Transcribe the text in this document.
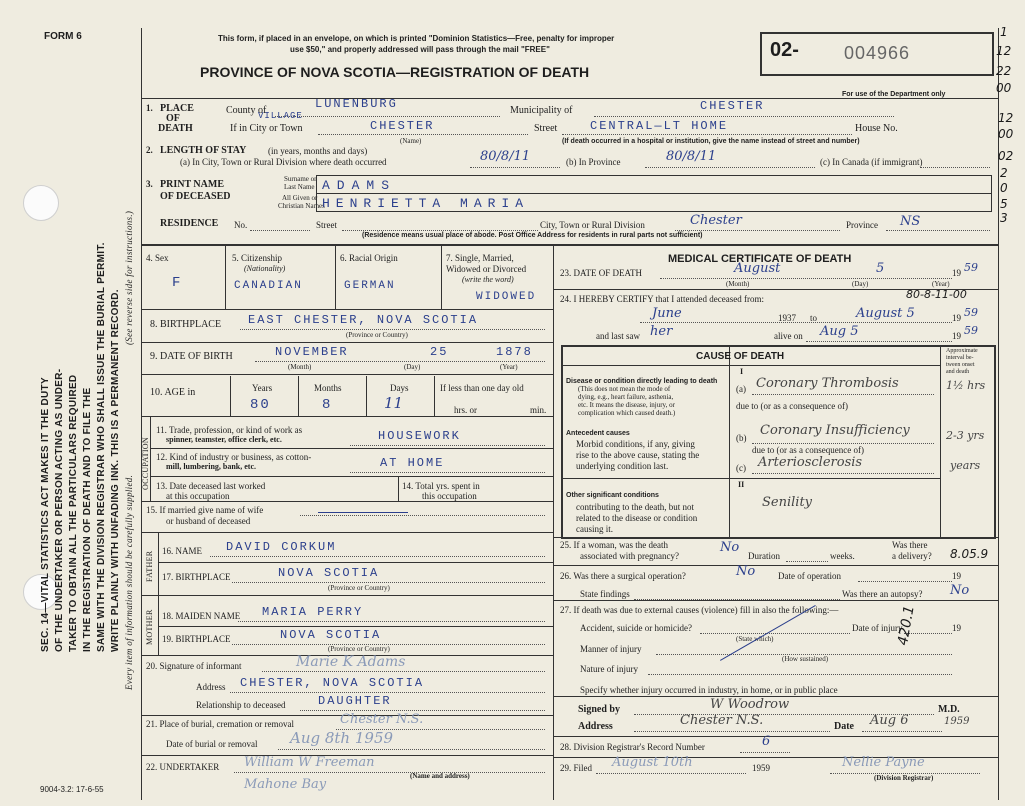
FORM 6
9004-3.2: 17-6-55
SEC. 14—VITAL STATISTICS ACT MAKES IT THE DUTY OF THE UNDERTAKER OR PERSON ACTING AS UNDER- TAKER TO OBTAIN ALL THE PARTICULARS REQUIRED IN THE REGISTRATION OF DEATH AND TO FILE THE SAME WITH THE DIVISION REGISTRAR WHO SHALL ISSUE THE BURIAL PERMIT. WRITE PLAINLY WITH UNFADING INK. THIS IS A PERMANENT RECORD. Every item of information should be carefully supplied.
(See reverse side for instructions.)
This form, if placed in an envelope, on which is printed "Dominion Statistics—Free, penalty for improper
use $50," and properly addressed will pass through the mail "FREE"
PROVINCE OF NOVA SCOTIA—REGISTRATION OF DEATH
02-	004966
For use of the Department only
1
12
22
00
12
00
02
2
0
5
3
1. PLACE
OF
DEATH
County of	LUNENBURG	Municipality of	CHESTER
If in City or Town
VILLAGE
CHESTER
(Name)
Street	CENTRAL—LT HOME	House No.
(If death occurred in a hospital or institution, give the name instead of street and number)
2. LENGTH OF STAY (in years, months and days)
(a) In City, Town or Rural Division where death occurred	80/8/11	(b) In Province	80/8/11	(c) In Canada (if immigrant)
3. PRINT NAME
OF DECEASED
Surname or
Last Name ADAMS
All Given or
Christian Names
HENRIETTA MARIA
RESIDENCE No.	Street	City, Town or Rural Division	Chester	Province NS
(Residence means usual place of abode. Post Office Address for residents in rural parts not sufficient)
4. Sex
F
5. Citizenship
(Nationality)
CANADIAN
6. Racial Origin
GERMAN
7. Single, Married,
Widowed or Divorced
(write the word)
WIDOWED
8. BIRTHPLACE EAST CHESTER, NOVA SCOTIA
(Province or Country)
9. DATE OF BIRTH	NOVEMBER	25	1878
(Month)	(Day)	(Year)
10. AGE in	Years	Months	Days
80	8	11
If less than one day old
hrs. or	min.
OCCUPATION
11. Trade, profession, or kind of work as
spinner, teamster, office clerk, etc.	HOUSEWORK
12. Kind of industry or business, as cotton-
mill, lumbering, bank, etc.	AT HOME
13. Date deceased last worked
at this occupation
14. Total yrs. spent in
this occupation
15. If married give name of wife
or husband of deceased
FATHER 16. NAME DAVID CORKUM
17. BIRTHPLACE	NOVA SCOTIA
(Province or Country)
MOTHER 18. MAIDEN NAME MARIA PERRY
19. BIRTHPLACE	NOVA SCOTIA
(Province or Country)
20. Signature of informant	Marie K Adams
Address CHESTER, NOVA SCOTIA
Relationship to deceased	DAUGHTER
21. Place of burial, cremation or removal	Chester N.S.
Date of burial or removal Aug 8th 1959
22. UNDERTAKER William W Freeman
(Name and address)
Mahone Bay
MEDICAL CERTIFICATE OF DEATH
23. DATE OF DEATH	August	5	19 59
(Month)	(Day)	(Year)
24. I HEREBY CERTIFY that I attended deceased from:	80-8-11-00
June	1937 to	August 5	19 59
and last saw her	alive on Aug 5	19 59
CAUSE OF DEATH	Approximate
interval be-
tween onset
and death
I
Disease or condition directly leading to death
(This does not mean the mode of
dying, e.g., heart failure, asthenia,
etc. It means the disease, injury, or
complication which caused death.)
(a) Coronary Thrombosis	1½ hrs
due to (or as a consequence of)
Antecedent causes
Morbid conditions, if any, giving
rise to the above cause, stating the
underlying condition last.
(b) Coronary Insufficiency	2-3 yrs
due to (or as a consequence of)
(c) Arteriosclerosis	years
II
Other significant conditions
contributing to the death, but not
related to the disease or condition
causing it.
Senility
25. If a woman, was the death
associated with pregnancy?
No
Duration	weeks.
Was there
a delivery? 8.05.9
26. Was there a surgical operation?	No	Date of operation	19
State findings	Was there an autopsy? No
27. If death was due to external causes (violence) fill in also the following:—
Accident, suicide or homicide?
(State which)
Date of injury	19
Manner of injury
(How sustained)
Nature of injury
420.1
Specify whether injury occurred in industry, in home, or in public place
Signed by	W Woodrow	M.D.
Address	Chester N.S.	Date Aug 6	1959
28. Division Registrar's Record Number	6
29. Filed August 10th	1959	Nellie Payne
(Division Registrar)
